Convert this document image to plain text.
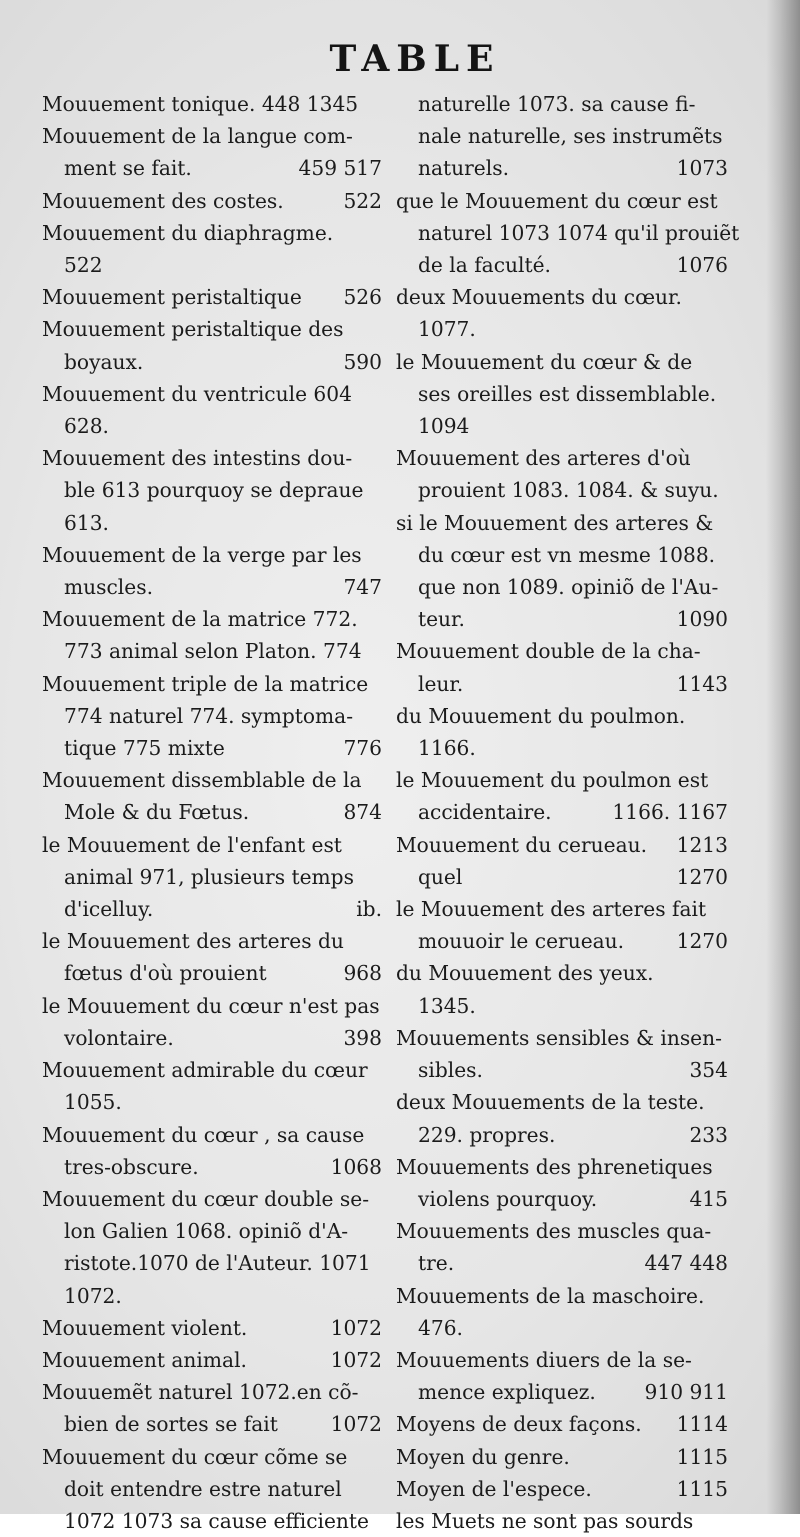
TABLE
Mouuement tonique. 448 1345
Mouuement de la langue com-
459 517
ment se fait.
522
Mouuement des costes.
Mouuement du diaphragme.
522
526
Mouuement peristaltique
Mouuement peristaltique des
590
boyaux.
Mouuement du ventricule 604
628.
Mouuement des intestins dou-
ble 613 pourquoy se depraue
613.
Mouuement de la verge par les
747
muscles.
Mouuement de la matrice 772.
773 animal selon Platon. 774
Mouuement triple de la matrice
774 naturel 774. symptoma-
776
tique 775 mixte
Mouuement dissemblable de la
874
Mole & du Fœtus.
le Mouuement de l'enfant est
animal 971, plusieurs temps
ib.
d'icelluy.
le Mouuement des arteres du
968
fœtus d'où prouient
le Mouuement du cœur n'est pas
398
volontaire.
Mouuement admirable du cœur
1055.
Mouuement du cœur , sa cause
1068
tres-obscure.
Mouuement du cœur double se-
lon Galien 1068. opiniõ d'A-
ristote.1070 de l'Auteur. 1071
1072.
1072
Mouuement violent.
1072
Mouuement animal.
Mouuemẽt naturel 1072.en cõ-
1072
bien de sortes se fait
Mouuement du cœur cõme se
doit entendre estre naturel
1072 1073 sa cause efficiente
naturelle 1073. sa cause fi-
nale naturelle, ses instrumẽts
1073
naturels.
que le Mouuement du cœur est
naturel 1073 1074 qu'il prouiẽt
1076
de la faculté.
deux Mouuements du cœur.
1077.
le Mouuement du cœur & de
ses oreilles est dissemblable.
1094
Mouuement des arteres d'où
prouient 1083. 1084. & suyu.
si le Mouuement des arteres &
du cœur est vn mesme 1088.
que non 1089. opiniõ de l'Au-
1090
teur.
Mouuement double de la cha-
1143
leur.
du Mouuement du poulmon.
1166.
le Mouuement du poulmon est
1166. 1167
accidentaire.
1213
Mouuement du cerueau.
1270
quel
le Mouuement des arteres fait
1270
mouuoir le cerueau.
du Mouuement des yeux.
1345.
Mouuements sensibles & insen-
354
sibles.
deux Mouuements de la teste.
233
229. propres.
Mouuements des phrenetiques
415
violens pourquoy.
Mouuements des muscles qua-
447 448
tre.
Mouuements de la maschoire.
476.
Mouuements diuers de la se-
910 911
mence expliquez.
1114
Moyens de deux façons.
1115
Moyen du genre.
1115
Moyen de l'espece.
les Muets ne sont pas sourds
